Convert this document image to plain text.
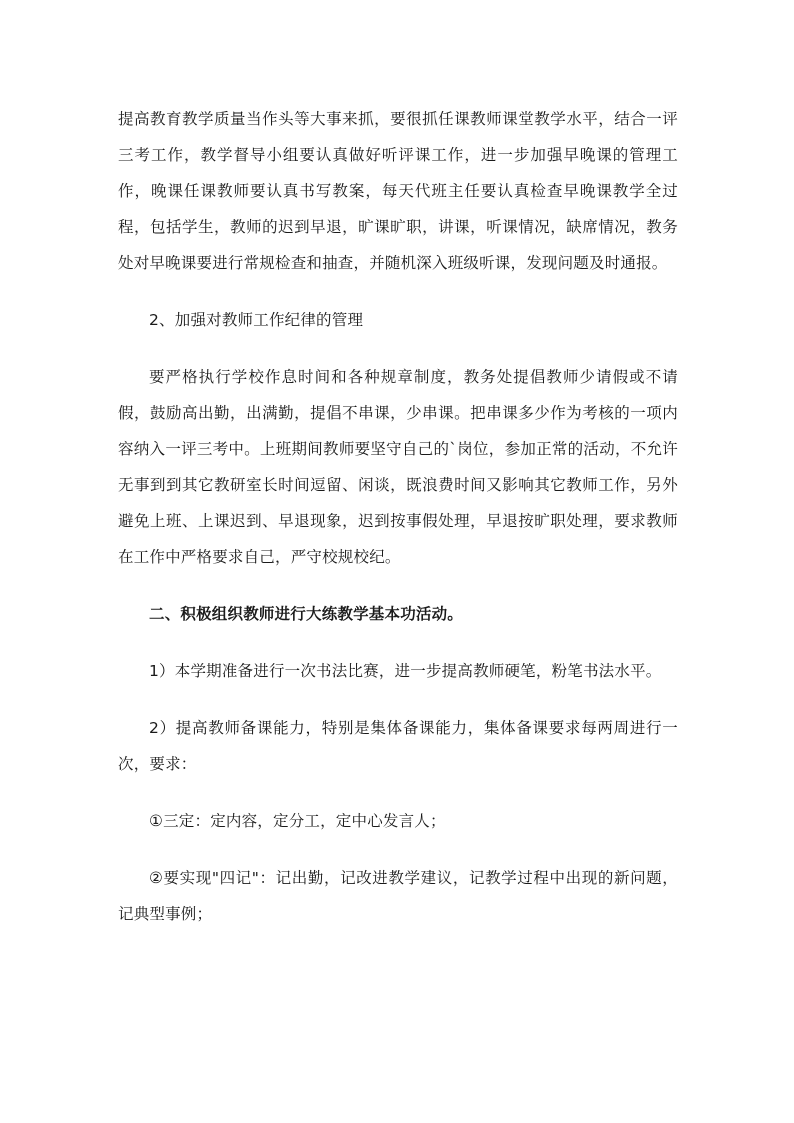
提高教育教学质量当作头等大事来抓，要很抓任课教师课堂教学水平，结合一评三考工作，教学督导小组要认真做好听评课工作，进一步加强早晚课的管理工作，晚课任课教师要认真书写教案，每天代班主任要认真检查早晚课教学全过程，包括学生，教师的迟到早退，旷课旷职，讲课，听课情况，缺席情况，教务处对早晚课要进行常规检查和抽查，并随机深入班级听课，发现问题及时通报。

2、加强对教师工作纪律的管理

要严格执行学校作息时间和各种规章制度，教务处提倡教师少请假或不请假，鼓励高出勤，出满勤，提倡不串课，少串课。把串课多少作为考核的一项内容纳入一评三考中。上班期间教师要坚守自己的`岗位，参加正常的活动，不允许无事到到其它教研室长时间逗留、闲谈，既浪费时间又影响其它教师工作，另外避免上班、上课迟到、早退现象，迟到按事假处理，早退按旷职处理，要求教师在工作中严格要求自己，严守校规校纪。

二、积极组织教师进行大练教学基本功活动。

1）本学期准备进行一次书法比赛，进一步提高教师硬笔，粉笔书法水平。

2）提高教师备课能力，特别是集体备课能力，集体备课要求每两周进行一次，要求：

①三定：定内容，定分工，定中心发言人；

②要实现"四记"：记出勤，记改进教学建议，记教学过程中出现的新问题，记典型事例；
